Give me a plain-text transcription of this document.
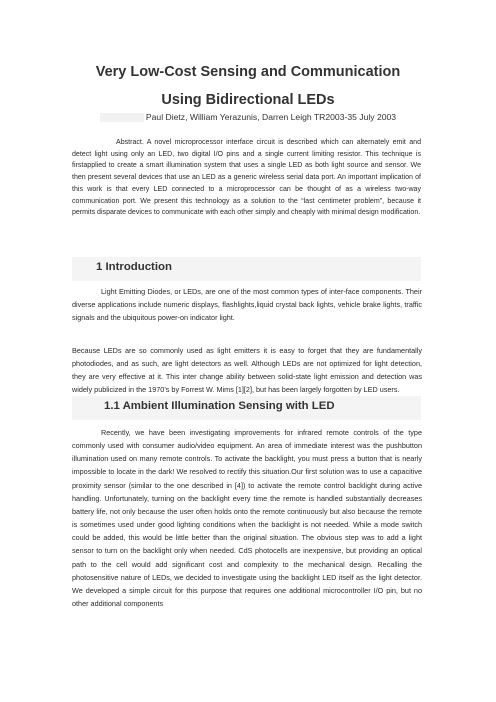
Very Low-Cost Sensing and Communication
Using Bidirectional LEDs
Paul Dietz, William Yerazunis, Darren Leigh TR2003-35 July 2003

Abstract. A novel microprocessor interface circuit is described which can alternately emit and detect light using only an LED, two digital I/O pins and a single current limiting resistor. This technique is firstapplied to create a smart illumination system that uses a single LED as both light source and sensor. We then present several devices that use an LED as a generic wireless serial data port. An important implication of this work is that every LED connected to a microprocessor can be thought of as a wireless two-way communication port. We present this technology as a solution to the “last centimeter problem”, because it permits disparate devices to communicate with each other simply and cheaply with minimal design modification.

1 Introduction

Light Emitting Diodes, or LEDs, are one of the most common types of inter-face components. Their diverse applications include numeric displays, flashlights,liquid crystal back lights, vehicle brake lights, traffic signals and the ubiquitous power-on indicator light.

Because LEDs are so commonly used as light emitters it is easy to forget that they are fundamentally photodiodes, and as such, are light detectors as well. Although LEDs are not optimized for light detection, they are very effective at it. This inter change ability between solid-state light emission and detection was widely publicized in the 1970’s by Forrest W. Mims [1][2], but has been largely forgotten by LED users.

1.1 Ambient Illumination Sensing with LED

Recently, we have been investigating improvements for infrared remote controls of the type commonly used with consumer audio/video equipment. An area of immediate interest was the pushbutton illumination used on many remote controls. To activate the backlight, you must press a button that is nearly impossible to locate in the dark! We resolved to rectify this situation.Our first solution was to use a capacitive proximity sensor (similar to the one described in [4]) to activate the remote control backlight during active handling. Unfortunately, turning on the backlight every time the remote is handled substantially decreases battery life, not only because the user often holds onto the remote continuously but also because the remote is sometimes used under good lighting conditions when the backlight is not needed. While a mode switch could be added, this would be little better than the original situation. The obvious step was to add a light sensor to turn on the backlight only when needed. CdS photocells are inexpensive, but providing an optical path to the cell would add significant cost and complexity to the mechanical design. Recalling the photosensitive nature of LEDs, we decided to investigate using the backlight LED itself as the light detector. We developed a simple circuit for this purpose that requires one additional microcontroller I/O pin, but no other additional components
